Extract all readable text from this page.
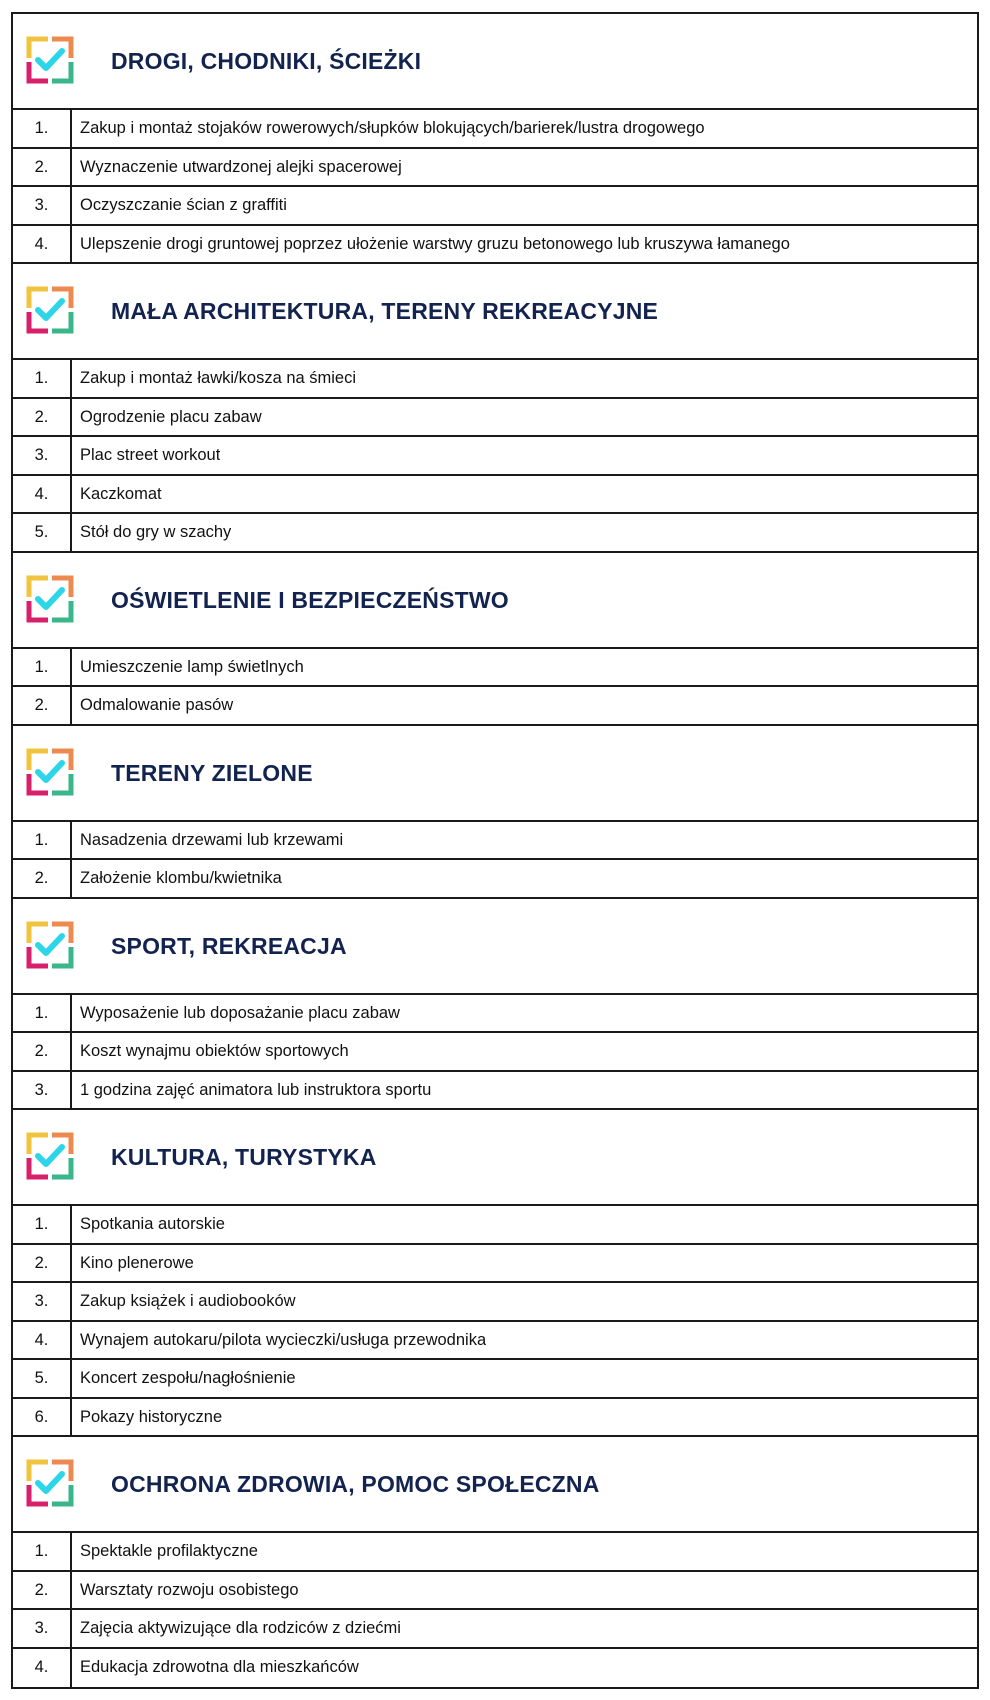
DROGI, CHODNIKI, ŚCIEŻKI
1.	Zakup i montaż stojaków rowerowych/słupków blokujących/barierek/lustra drogowego
2.	Wyznaczenie utwardzonej alejki spacerowej
3.	Oczyszczanie ścian z graffiti
4.	Ulepszenie drogi gruntowej poprzez ułożenie warstwy gruzu betonowego lub kruszywa łamanego
MAŁA ARCHITEKTURA, TERENY REKREACYJNE
1.	Zakup i montaż ławki/kosza na śmieci
2.	Ogrodzenie placu zabaw
3.	Plac street workout
4.	Kaczkomat
5.	Stół do gry w szachy
OŚWIETLENIE I BEZPIECZEŃSTWO
1.	Umieszczenie lamp świetlnych
2.	Odmalowanie pasów
TERENY ZIELONE
1.	Nasadzenia drzewami lub krzewami
2.	Założenie klombu/kwietnika
SPORT, REKREACJA
1.	Wyposażenie lub doposażanie placu zabaw
2.	Koszt wynajmu obiektów sportowych
3.	1 godzina zajęć animatora lub instruktora sportu
KULTURA, TURYSTYKA
1.	Spotkania autorskie
2.	Kino plenerowe
3.	Zakup książek i audiobooków
4.	Wynajem autokaru/pilota wycieczki/usługa przewodnika
5.	Koncert zespołu/nagłośnienie
6.	Pokazy historyczne
OCHRONA ZDROWIA, POMOC SPOŁECZNA
1.	Spektakle profilaktyczne
2.	Warsztaty rozwoju osobistego
3.	Zajęcia aktywizujące dla rodziców z dziećmi
4.	Edukacja zdrowotna dla mieszkańców
